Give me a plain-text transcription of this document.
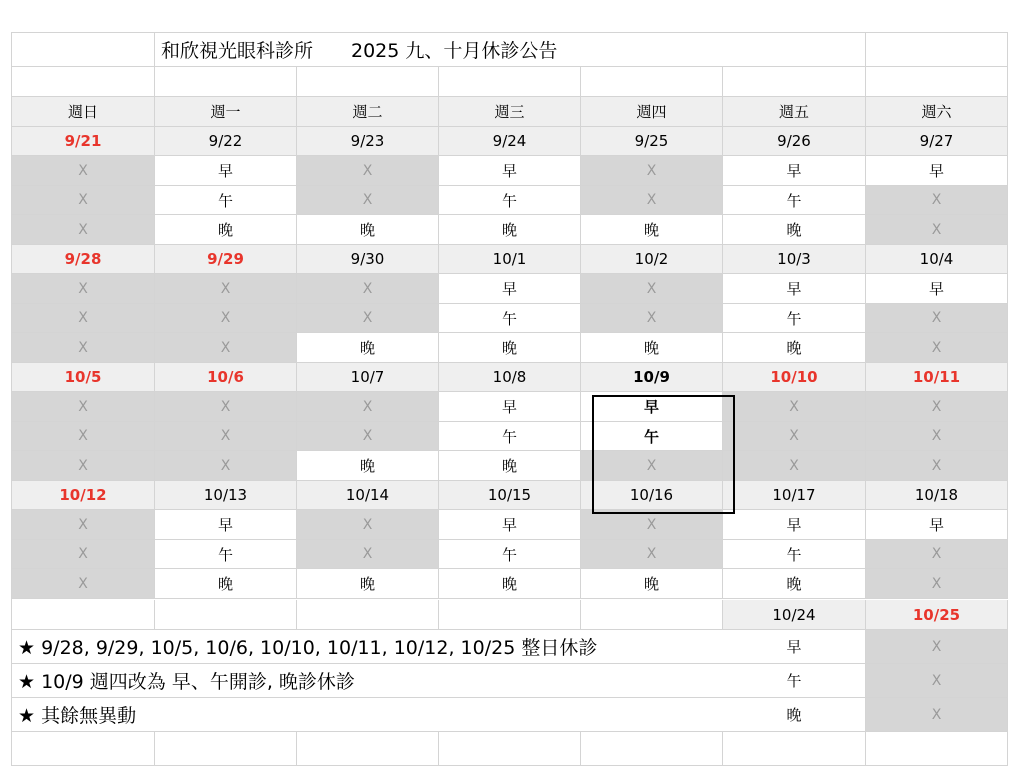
和欣視光眼科診所　　2025 九、十月休診公告
週日	週一	週二	週三	週四	週五	週六
9/21	9/22	9/23	9/24	9/25	9/26	9/27
X	早	X	早	X	早	早
X	午	X	午	X	午	X
X	晚	晚	晚	晚	晚	X
9/28	9/29	9/30	10/1	10/2	10/3	10/4
X	X	X	早	X	早	早
X	X	X	午	X	午	X
X	X	晚	晚	晚	晚	X
10/5	10/6	10/7	10/8	10/9	10/10	10/11
X	X	X	早	早	X	X
X	X	X	午	午	X	X
X	X	晚	晚	X	X	X
10/12	10/13	10/14	10/15	10/16	10/17	10/18
X	早	X	早	X	早	早
X	午	X	午	X	午	X
X	晚	晚	晚	晚	晚	X
10/24	10/25
★ 9/28, 9/29, 10/5, 10/6, 10/10, 10/11, 10/12, 10/25 整日休診	早	X
★ 10/9 週四改為 早、午開診, 晚診休診	午	X
★ 其餘無異動	晚	X
